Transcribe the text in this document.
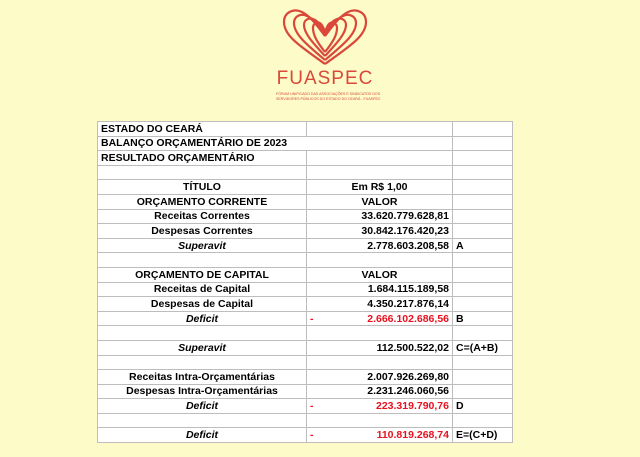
FUASPEC
FÓRUM UNIFICADO DAS ASSOCIAÇÕES E SINDICATOS DOS
SERVIDORES PÚBLICOS DO ESTADO DO CEARÁ - FUASPEC
ESTADO DO CEARÁ		
BALANÇO ORÇAMENTÁRIO DE 2023		
RESULTADO ORÇAMENTÁRIO		

TÍTULO	Em R$ 1,00	
ORÇAMENTO CORRENTE	VALOR	
Receitas Correntes	33.620.779.628,81	
Despesas Correntes	30.842.176.420,23	
Superavit	2.778.603.208,58	A

ORÇAMENTO DE CAPITAL	VALOR	
Receitas de Capital	1.684.115.189,58	
Despesas de Capital	4.350.217.876,14	
Deficit	- 2.666.102.686,56	B

Superavit	112.500.522,02	C=(A+B)

Receitas Intra-Orçamentárias	2.007.926.269,80	
Despesas Intra-Orçamentárias	2.231.246.060,56	
Deficit	- 223.319.790,76	D

Deficit	- 110.819.268,74	E=(C+D)
